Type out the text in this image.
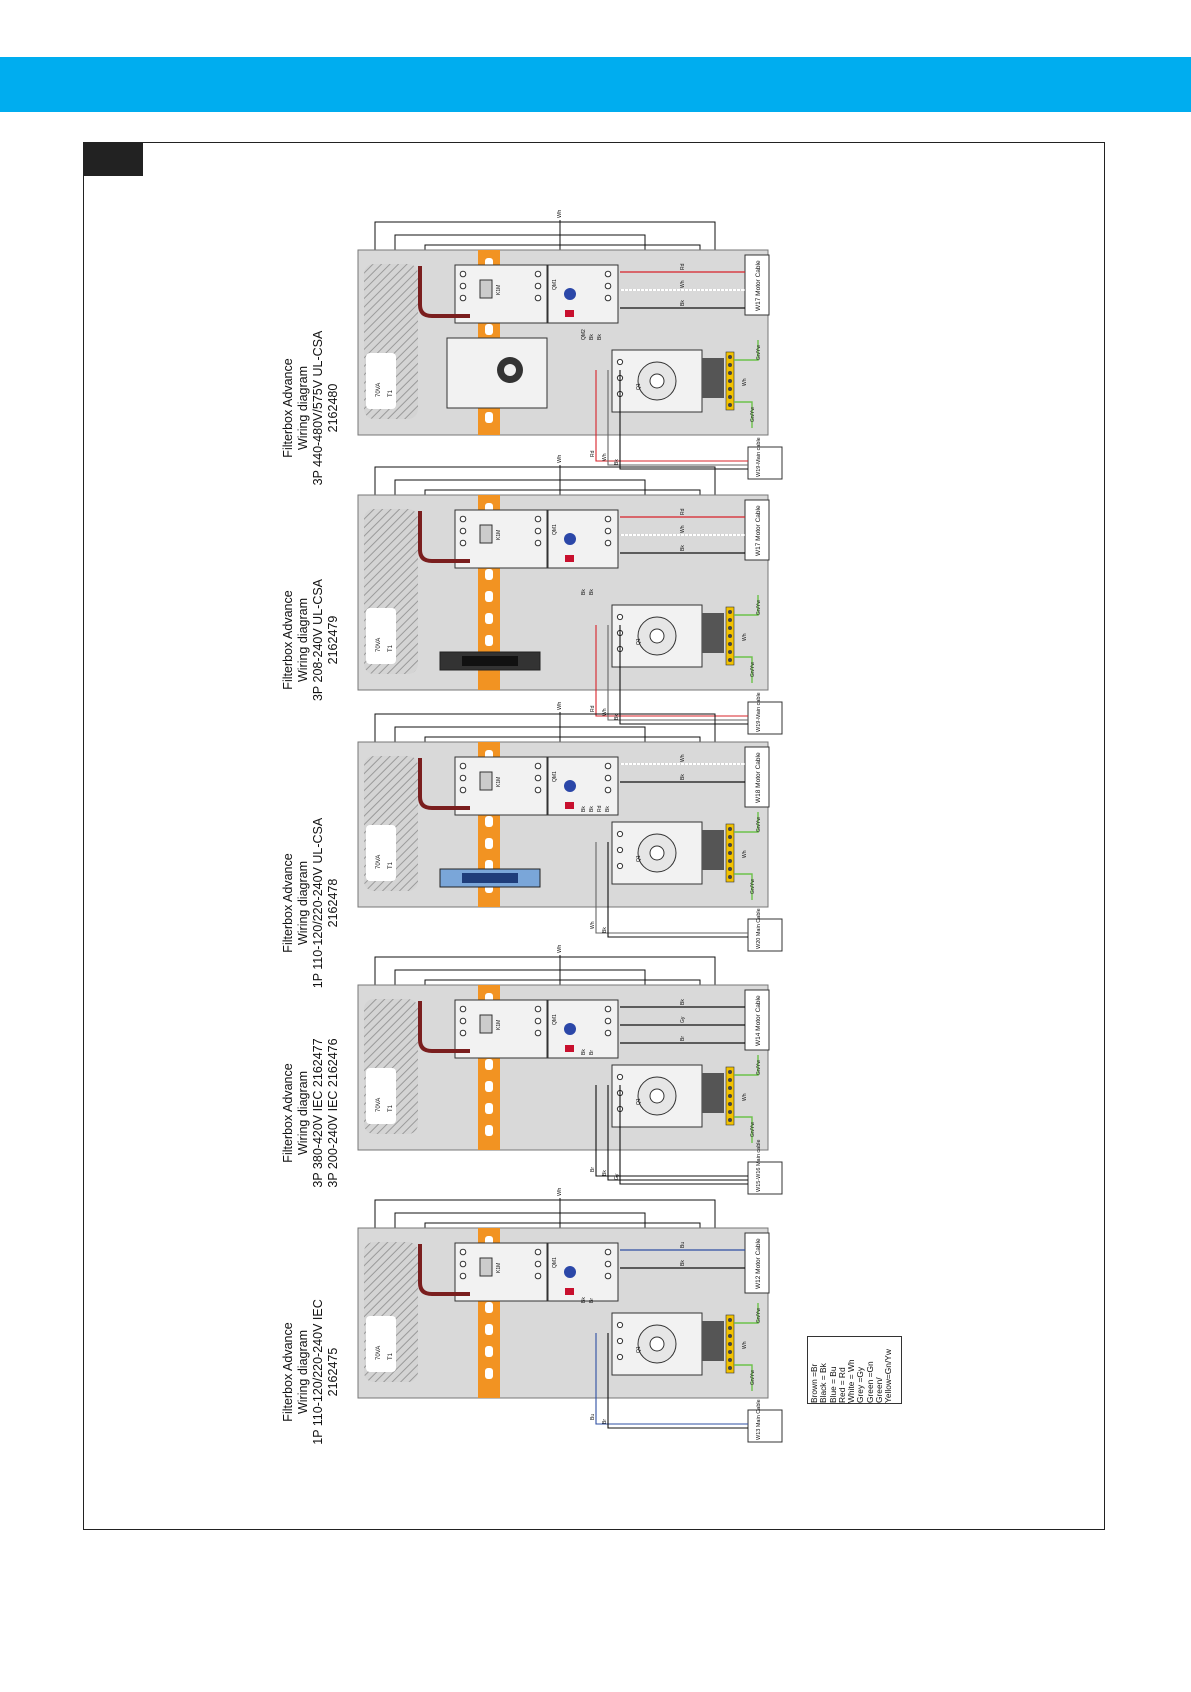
Filterbox Advance Wiring diagram 3P 440-480V/575V UL-CSA 2162480
Filterbox Advance Wiring diagram 3P 208-240V UL-CSA 2162479
Filterbox Advance Wiring diagram 1P 110-120/220-240V UL-CSA 2162478
Filterbox Advance Wiring diagram 3P 380-420V IEC 2162477 3P 200-240V IEC 2162476
Filterbox Advance Wiring diagram 1P 110-120/220-240V IEC 2162475
Wh
70VA T1
K1M	QM1
Q1
Gn/Yw
Gn/Yw
Wh
W17 Motor Cable
Rd
Wh
Bk
W19-Main cable
Rd Wh
Bk
QM2 Bk Bk
Wh
70VA T1
K1M	QM1
Q1
Gn/Yw
Gn/Yw
Wh
W17 Motor Cable
Rd
Wh
Bk
W19-Main cable
Rd Wh
Bk
Bk Bk
Wh
70VA T1
K1M	QM1
Q1
Gn/Yw
Gn/Yw
Wh
W18 Motor Cable
Wh
Bk
W20 Main Cable
Wh
Bk
Bk Bk Rd Bk
Wh
70VA T1
K1M	QM1
Q1
Gn/Yw
Gn/Yw
Wh
W14 Motor Cable
Bk
Gy
Br
W15-W16 Main cable
Br
Bk
Gy
Bk Br
Wh
70VA T1
K1M	QM1
Q1
Gn/Yw
Gn/Yw
Wh
W12 Motor Cable
Bu
Bk
W13 Main Cable
Bu
Br
Bk Br
Brown =Br Black = Bk Blue = Bu Red = Rd White = Wh Grey =Gy Green =Gn Green/ Yellow=Gn/Yw
